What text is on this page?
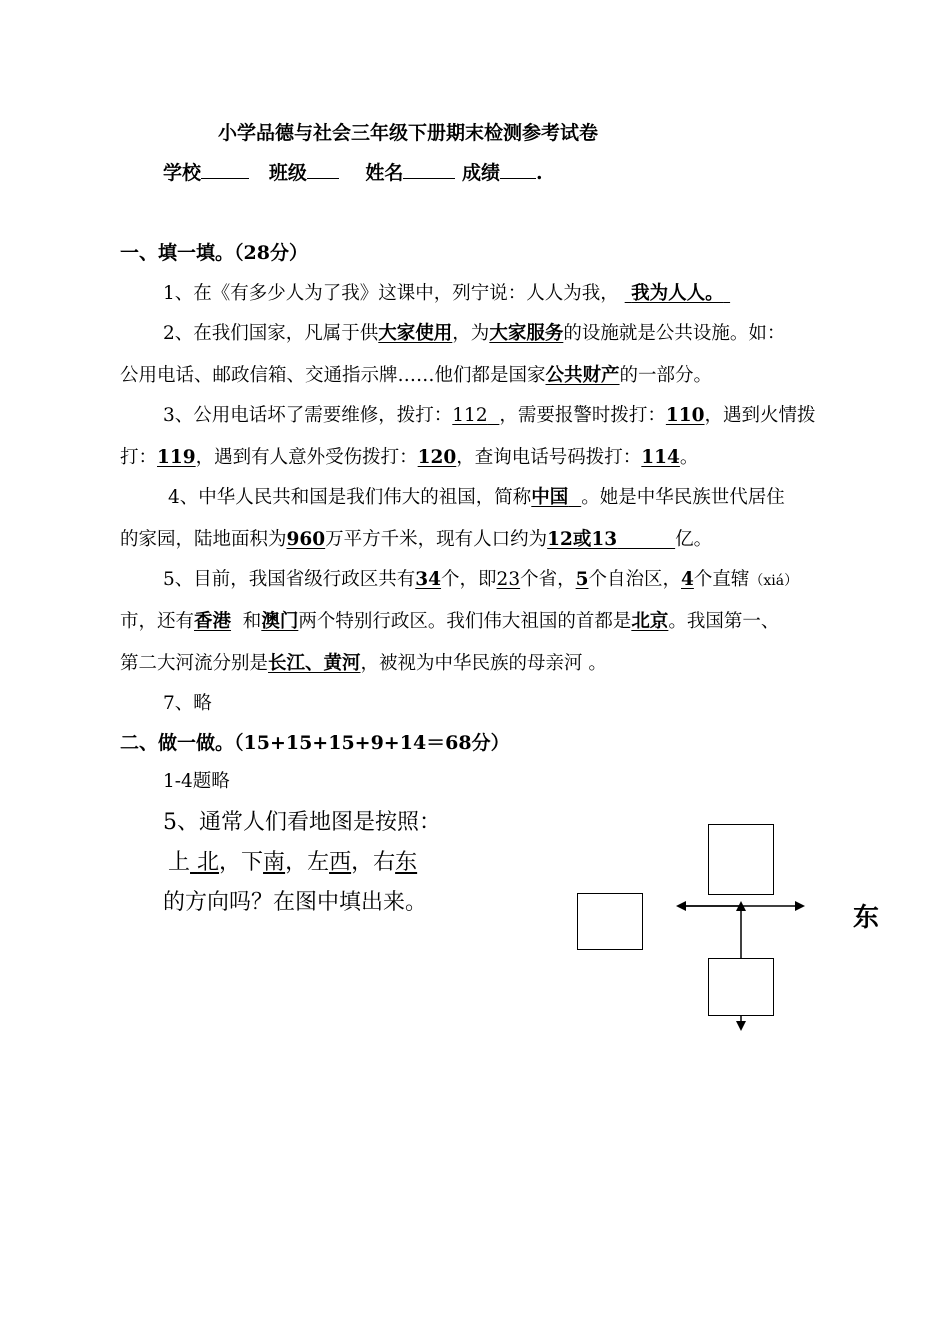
小学品德与社会三年级下册期末检测参考试卷
学校	班级	姓名	成绩 .
一、填一填。（28分）
1、在《有多少人为了我》这课中，列宁说：人人为我， 我为人人。
2、在我们国家，凡属于供大家使用，为大家服务的设施就是公共设施。如：
公用电话、邮政信箱、交通指示牌……他们都是国家公共财产的一部分。
3、公用电话坏了需要维修，拨打：112 ，需要报警时拨打：110，遇到火情拨
打：119，遇到有人意外受伤拨打：120，查询电话号码拨打：114。
4、中华人民共和国是我们伟大的祖国，简称中国 。她是中华民族世代居住
的家园，陆地面积为960万平方千米，现有人口约为12或13	亿。
5、目前，我国省级行政区共有34个，即23个省，5个自治区，4个直辖（xiá）
市，还有香港 和澳门两个特别行政区。我们伟大祖国的首都是北京。我国第一、
第二大河流分别是长江、黄河，被视为中华民族的母亲河 。
7、略
二、做一做。（15+15+15+9+14＝68分）
1-4题略
5、通常人们看地图是按照：
上 北，下南，左西，右东
的方向吗？在图中填出来。
东
